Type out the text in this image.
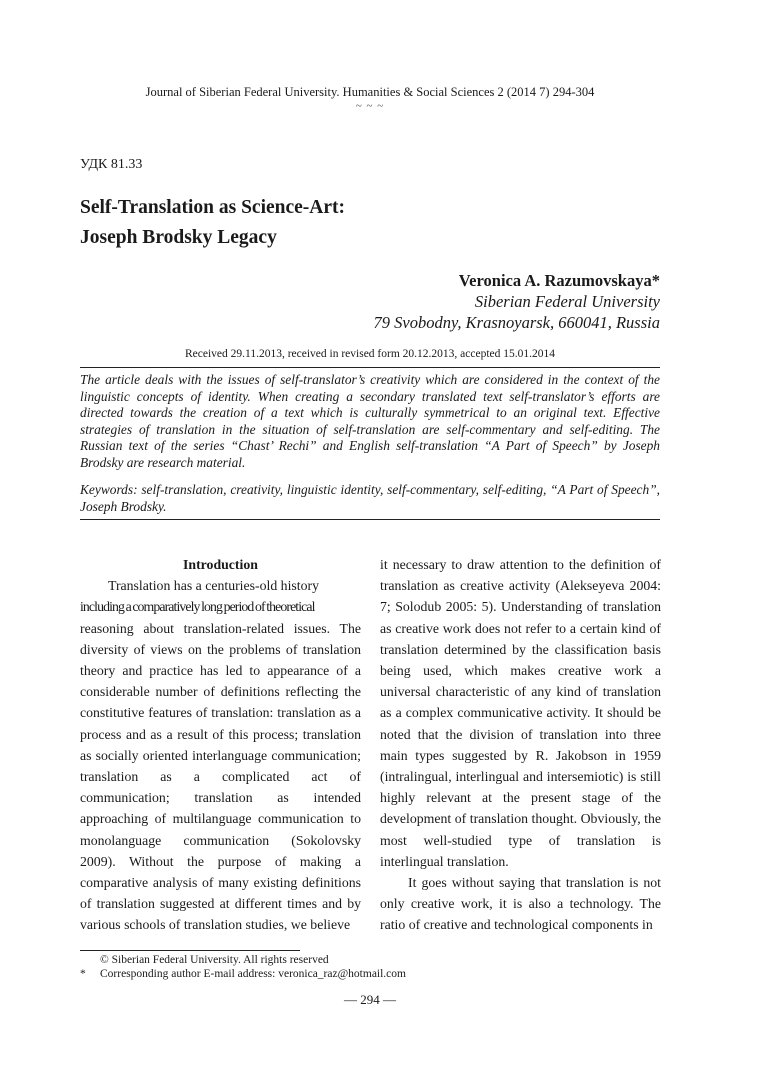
Journal of Siberian Federal University. Humanities & Social Sciences 2 (2014 7) 294-304
~ ~ ~
УДК 81.33
Self-Translation as Science-Art:
Joseph Brodsky Legacy
Veronica A. Razumovskaya*
Siberian Federal University
79 Svobodny, Krasnoyarsk, 660041, Russia
Received 29.11.2013, received in revised form 20.12.2013, accepted 15.01.2014
The article deals with the issues of self-translator’s creativity which are considered in the context of the linguistic concepts of identity. When creating a secondary translated text self-translator’s efforts are directed towards the creation of a text which is culturally symmetrical to an original text. Effective strategies of translation in the situation of self-translation are self-commentary and self-editing. The Russian text of the series “Chast’ Rechi” and English self-translation “A Part of Speech” by Joseph Brodsky are research material.
Keywords: self-translation, creativity, linguistic identity, self-commentary, self-editing, “A Part of Speech”, Joseph Brodsky.
Introduction

Translation has a centuries-old history

including a comparatively long period of theoretical

reasoning about translation-related issues. The diversity of views on the problems of translation theory and practice has led to appearance of a considerable number of definitions reflecting the constitutive features of translation: translation as a process and as a result of this process; translation as socially oriented interlanguage communication; translation as a complicated act of communication; translation as intended approaching of multilanguage communication to monolanguage communication (Sokolovsky 2009). Without the purpose of making a comparative analysis of many existing definitions of translation suggested at different times and by various schools of translation studies, we believe

it necessary to draw attention to the definition of translation as creative activity (Alekseyeva 2004: 7; Solodub 2005: 5). Understanding of translation as creative work does not refer to a certain kind of translation determined by the classification basis being used, which makes creative work a universal characteristic of any kind of translation as a complex communicative activity. It should be noted that the division of translation into three main types suggested by R. Jakobson in 1959 (intralingual, interlingual and intersemiotic) is still highly relevant at the present stage of the development of translation thought. Obviously, the most well-studied type of translation is interlingual translation.

It goes without saying that translation is not only creative work, it is also a technology. The ratio of creative and technological components in

© Siberian Federal University. All rights reserved
* Corresponding author E-mail address: veronica_raz@hotmail.com
— 294 —
